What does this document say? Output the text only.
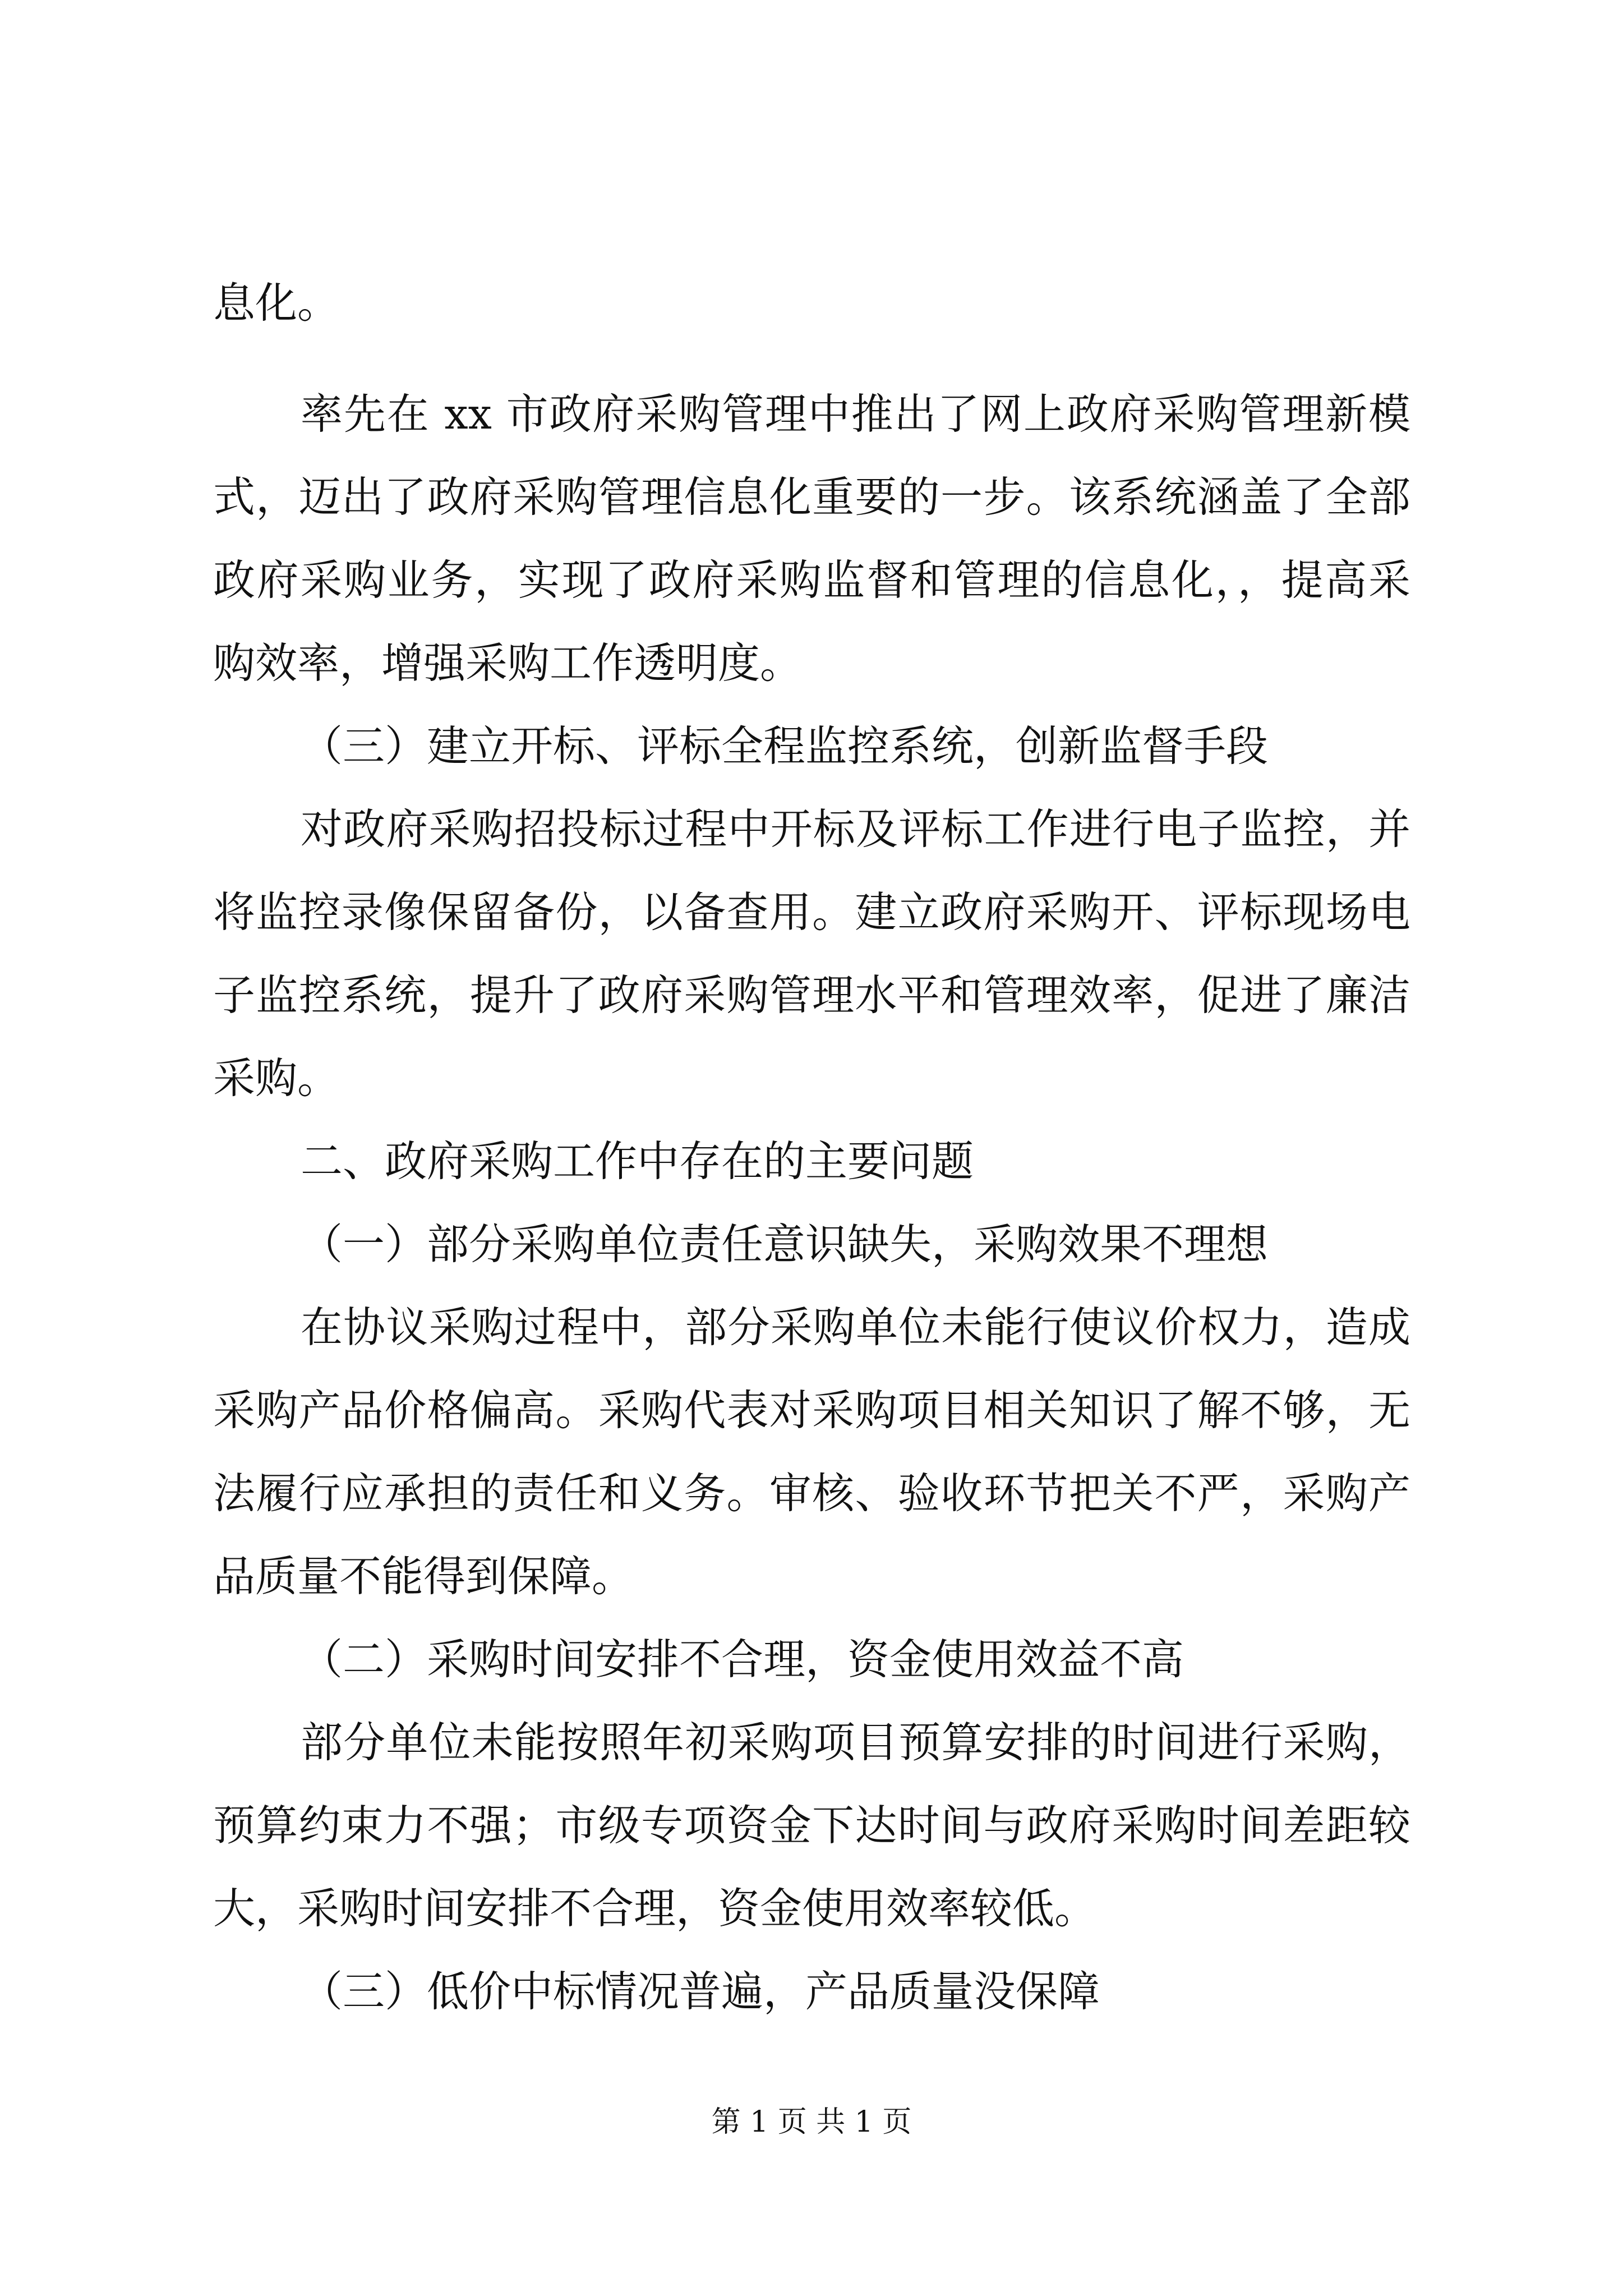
息化。

率先在 xx 市政府采购管理中推出了网上政府采购管理新模

式，迈出了政府采购管理信息化重要的一步。该系统涵盖了全部

政府采购业务，实现了政府采购监督和管理的信息化，，提高采

购效率，增强采购工作透明度。

（三）建立开标、评标全程监控系统，创新监督手段

对政府采购招投标过程中开标及评标工作进行电子监控，并

将监控录像保留备份，以备查用。建立政府采购开、评标现场电

子监控系统，提升了政府采购管理水平和管理效率，促进了廉洁

采购。

二、政府采购工作中存在的主要问题

（一）部分采购单位责任意识缺失，采购效果不理想

在协议采购过程中，部分采购单位未能行使议价权力，造成

采购产品价格偏高。采购代表对采购项目相关知识了解不够，无

法履行应承担的责任和义务。审核、验收环节把关不严，采购产

品质量不能得到保障。

（二）采购时间安排不合理，资金使用效益不高

部分单位未能按照年初采购项目预算安排的时间进行采购，

预算约束力不强；市级专项资金下达时间与政府采购时间差距较

大，采购时间安排不合理，资金使用效率较低。

（三）低价中标情况普遍，产品质量没保障

第 1 页 共 1 页
